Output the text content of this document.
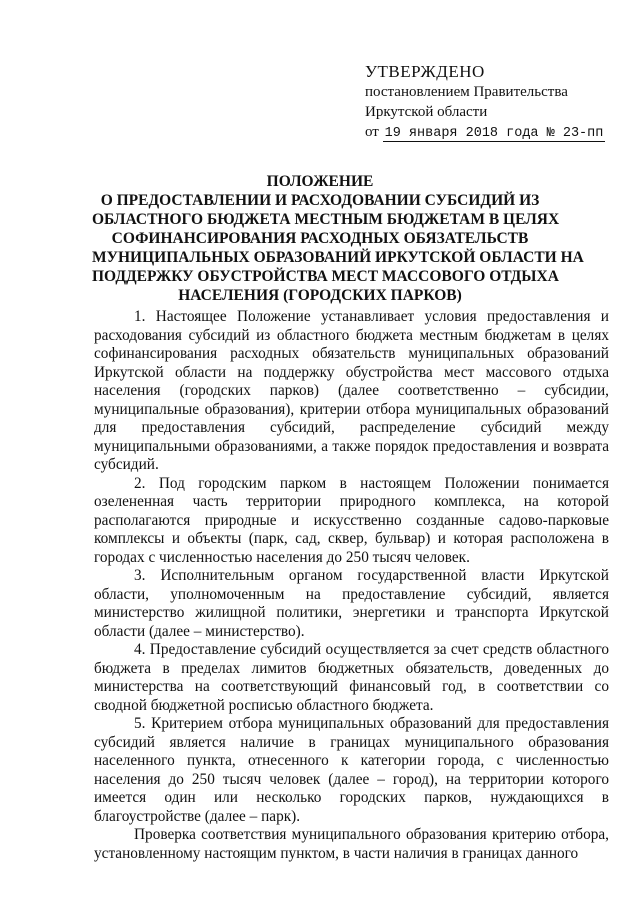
УТВЕРЖДЕНО
постановлением Правительства
Иркутской области
от 19 января 2018 года № 23-пп
ПОЛОЖЕНИЕ
О ПРЕДОСТАВЛЕНИИ И РАСХОДОВАНИИ СУБСИДИЙ ИЗ
ОБЛАСТНОГО БЮДЖЕТА МЕСТНЫМ БЮДЖЕТАМ В ЦЕЛЯХ
СОФИНАНСИРОВАНИЯ РАСХОДНЫХ ОБЯЗАТЕЛЬСТВ
МУНИЦИПАЛЬНЫХ ОБРАЗОВАНИЙ ИРКУТСКОЙ ОБЛАСТИ НА
ПОДДЕРЖКУ ОБУСТРОЙСТВА МЕСТ МАССОВОГО ОТДЫХА
НАСЕЛЕНИЯ (ГОРОДСКИХ ПАРКОВ)

1. Настоящее Положение устанавливает условия предоставления и расходования субсидий из областного бюджета местным бюджетам в целях софинансирования расходных обязательств муниципальных образований Иркутской области на поддержку обустройства мест массового отдыха населения (городских парков) (далее соответственно – субсидии, муниципальные образования), критерии отбора муниципальных образований для предоставления субсидий, распределение субсидий между муниципальными образованиями, а также порядок предоставления и возврата субсидий.

2. Под городским парком в настоящем Положении понимается озелененная часть территории природного комплекса, на которой располагаются природные и искусственно созданные садово-парковые комплексы и объекты (парк, сад, сквер, бульвар) и которая расположена в городах с численностью населения до 250 тысяч человек.

3. Исполнительным органом государственной власти Иркутской области, уполномоченным на предоставление субсидий, является министерство жилищной политики, энергетики и транспорта Иркутской области (далее – министерство).

4. Предоставление субсидий осуществляется за счет средств областного бюджета в пределах лимитов бюджетных обязательств, доведенных до министерства на соответствующий финансовый год, в соответствии со сводной бюджетной росписью областного бюджета.

5. Критерием отбора муниципальных образований для предоставления субсидий является наличие в границах муниципального образования населенного пункта, отнесенного к категории города, с численностью населения до 250 тысяч человек (далее – город), на территории которого имеется один или несколько городских парков, нуждающихся в благоустройстве (далее – парк).

Проверка соответствия муниципального образования критерию отбора, установленному настоящим пунктом, в части наличия в границах данного
